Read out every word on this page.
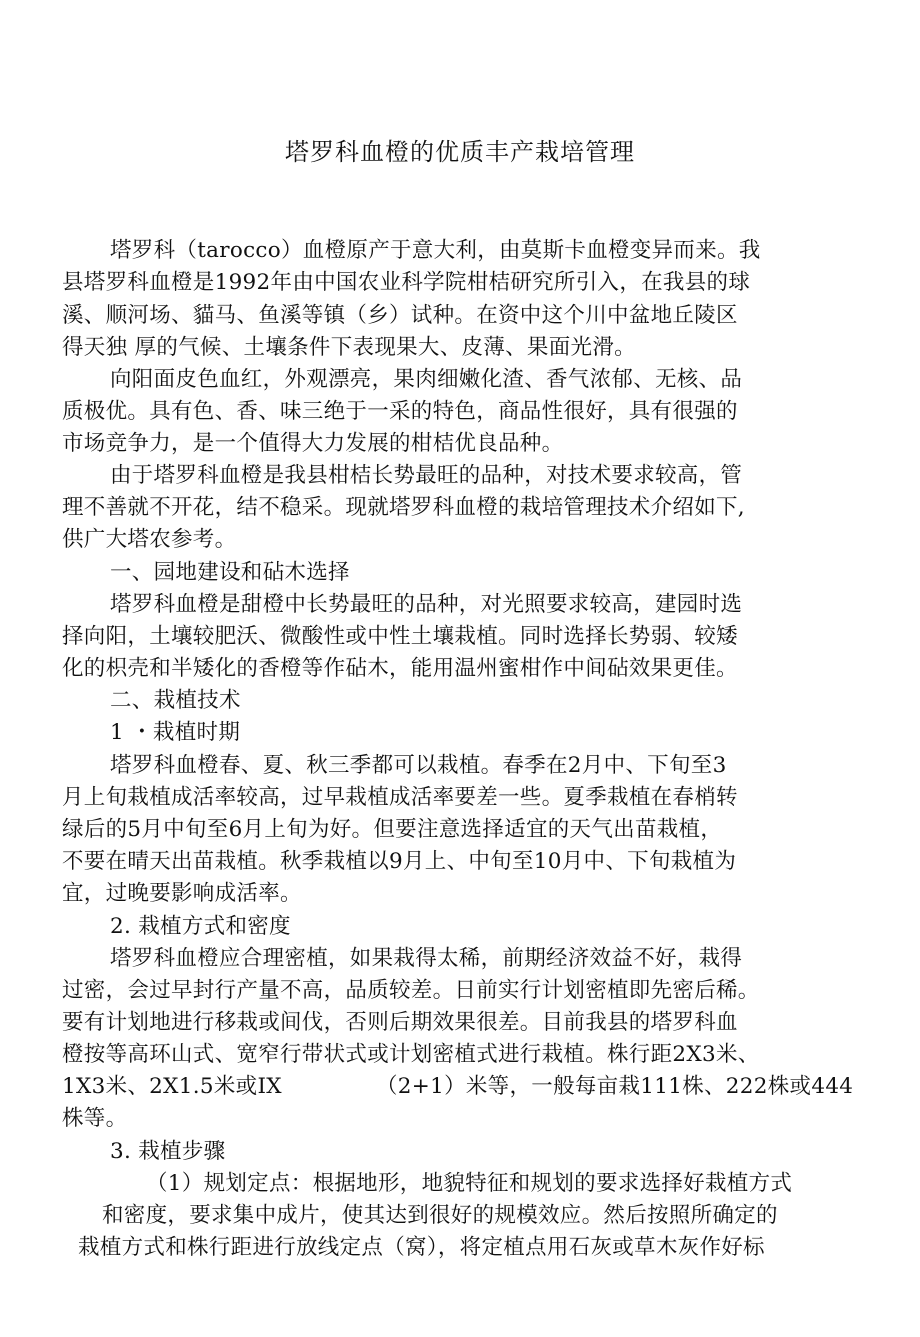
塔罗科血橙的优质丰产栽培管理
塔罗科（tarocco）血橙原产于意大利，由莫斯卡血橙变异而来。我
县塔罗科血橙是1992年由中国农业科学院柑桔研究所引入，在我县的球
溪、顺河场、貓马、鱼溪等镇（乡）试种。在资中这个川中盆地丘陵区
得天独 厚的气候、土壤条件下表现果大、皮薄、果面光滑。
向阳面皮色血红，外观漂亮，果肉细嫩化渣、香气浓郁、无核、品
质极优。具有色、香、味三绝于一采的特色，商品性很好，具有很强的
市场竞争力，是一个值得大力发展的柑桔优良品种。
由于塔罗科血橙是我县柑桔长势最旺的品种，对技术要求较高，管
理不善就不开花，结不稳采。现就塔罗科血橙的栽培管理技术介绍如下,
供广大塔农参考。
一、园地建设和砧木选择
塔罗科血橙是甜橙中长势最旺的品种，对光照要求较高，建园时选
择向阳，土壤较肥沃、微酸性或中性土壤栽植。同时选择长势弱、较矮
化的枳壳和半矮化的香橙等作砧木，能用温州蜜柑作中间砧效果更佳。
二、栽植技术
1 ・栽植时期
塔罗科血橙春、夏、秋三季都可以栽植。春季在2月中、下旬至3
月上旬栽植成活率较高，过早栽植成活率要差一些。夏季栽植在春梢转
绿后的5月中旬至6月上旬为好。但要注意选择适宜的天气出苗栽植，
不要在晴天出苗栽植。秋季栽植以9月上、中旬至10月中、下旬栽植为
宜，过晚要影响成活率。
2. 栽植方式和密度
塔罗科血橙应合理密植，如果栽得太稀，前期经济效益不好，栽得
过密，会过早封行产量不高，品质较差。日前实行计划密植即先密后稀。
要有计划地进行移栽或间伐，否则后期效果很差。目前我县的塔罗科血
橙按等高环山式、宽窄行带状式或计划密植式进行栽植。株行距2X3米、
1X3米、2X1.5米或IX	（2+1）米等，一般每亩栽111株、222株或444
株等。
3. 栽植步骤
（1）规划定点：根据地形，地貌特征和规划的要求选择好栽植方式
和密度，要求集中成片，使其达到很好的规模效应。然后按照所确定的
栽植方式和株行距进行放线定点（窝），将定植点用石灰或草木灰作好标
